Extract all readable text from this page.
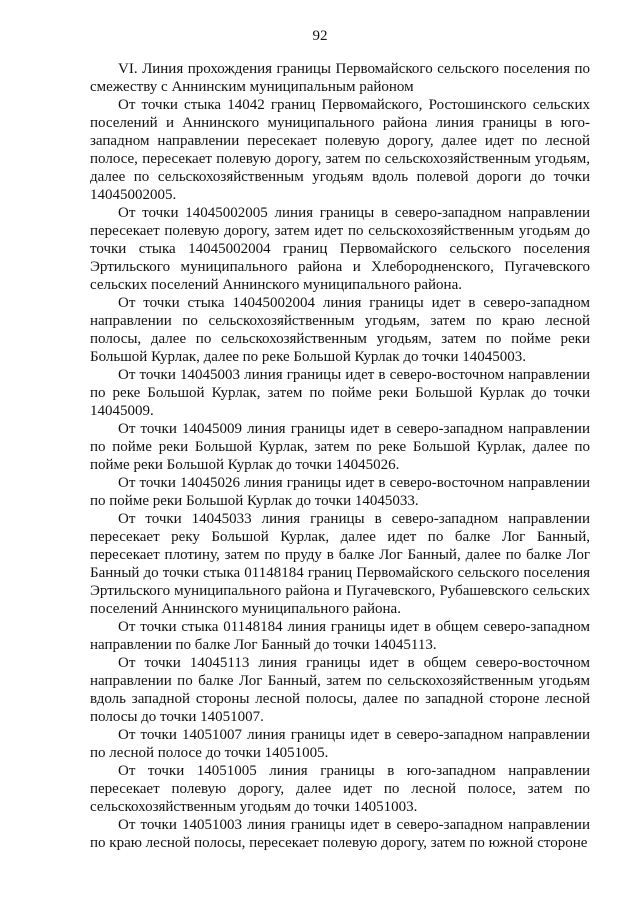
92

VI. Линия прохождения границы Первомайского сельского поселения по смежеству с Аннинским муниципальным районом

От точки стыка 14042 границ Первомайского, Ростошинского сельских поселений и Аннинского муниципального района линия границы в юго-западном направлении пересекает полевую дорогу, далее идет по лесной полосе, пересекает полевую дорогу, затем по сельскохозяйственным угодьям, далее по сельскохозяйственным угодьям вдоль полевой дороги до точки 14045002005.

От точки 14045002005 линия границы в северо-западном направлении пересекает полевую дорогу, затем идет по сельскохозяйственным угодьям до точки стыка 14045002004 границ Первомайского сельского поселения Эртильского муниципального района и Хлебородненского, Пугачевского сельских поселений Аннинского муниципального района.

От точки стыка 14045002004 линия границы идет в северо-западном направлении по сельскохозяйственным угодьям, затем по краю лесной полосы, далее по сельскохозяйственным угодьям, затем по пойме реки Большой Курлак, далее по реке Большой Курлак до точки 14045003.

От точки 14045003 линия границы идет в северо-восточном направлении по реке Большой Курлак, затем по пойме реки Большой Курлак до точки 14045009.

От точки 14045009 линия границы идет в северо-западном направлении по пойме реки Большой Курлак, затем по реке Большой Курлак, далее по пойме реки Большой Курлак до точки 14045026.

От точки 14045026 линия границы идет в северо-восточном направлении по пойме реки Большой Курлак до точки 14045033.

От точки 14045033 линия границы в северо-западном направлении пересекает реку Большой Курлак, далее идет по балке Лог Банный, пересекает плотину, затем по пруду в балке Лог Банный, далее по балке Лог Банный до точки стыка 01148184 границ Первомайского сельского поселения Эртильского муниципального района и Пугачевского, Рубашевского сельских поселений Аннинского муниципального района.

От точки стыка 01148184 линия границы идет в общем северо-западном направлении по балке Лог Банный до точки 14045113.

От точки 14045113 линия границы идет в общем северо-восточном направлении по балке Лог Банный, затем по сельскохозяйственным угодьям вдоль западной стороны лесной полосы, далее по западной стороне лесной полосы до точки 14051007.

От точки 14051007 линия границы идет в северо-западном направлении по лесной полосе до точки 14051005.

От точки 14051005 линия границы в юго-западном направлении пересекает полевую дорогу, далее идет по лесной полосе, затем по сельскохозяйственным угодьям до точки 14051003.

От точки 14051003 линия границы идет в северо-западном направлении по краю лесной полосы, пересекает полевую дорогу, затем по южной стороне
